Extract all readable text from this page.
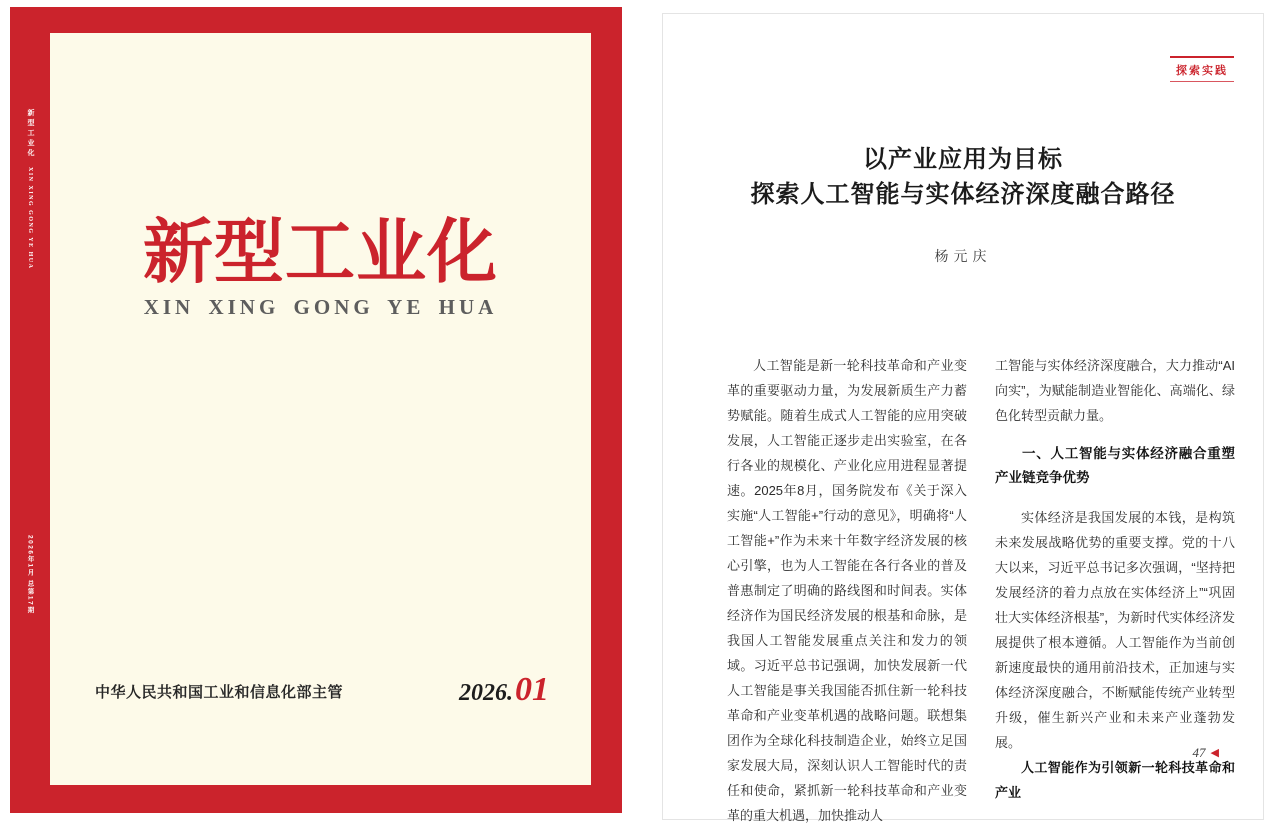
新型工业化
XIN XING GONG YE HUA
2026年1月 总第17期
新型工业化
XIN XING GONG YE HUA
中华人民共和国工业和信息化部主管	2026.01
探索实践
以产业应用为目标
探索人工智能与实体经济深度融合路径
杨元庆

人工智能是新一轮科技革命和产业变革的重要驱动力量，为发展新质生产力蓄势赋能。随着生成式人工智能的应用突破发展，人工智能正逐步走出实验室，在各行各业的规模化、产业化应用进程显著提速。2025年8月，国务院发布《关于深入实施“人工智能+”行动的意见》，明确将“人工智能+”作为未来十年数字经济发展的核心引擎，也为人工智能在各行各业的普及普惠制定了明确的路线图和时间表。实体经济作为国民经济发展的根基和命脉，是我国人工智能发展重点关注和发力的领域。习近平总书记强调，加快发展新一代人工智能是事关我国能否抓住新一轮科技革命和产业变革机遇的战略问题。联想集团作为全球化科技制造企业，始终立足国家发展大局，深刻认识人工智能时代的责任和使命，紧抓新一轮科技革命和产业变革的重大机遇，加快推动人

工智能与实体经济深度融合，大力推动“AI向实”，为赋能制造业智能化、高端化、绿色化转型贡献力量。

一、人工智能与实体经济融合重塑产业链竞争优势

实体经济是我国发展的本钱，是构筑未来发展战略优势的重要支撑。党的十八大以来，习近平总书记多次强调，“坚持把发展经济的着力点放在实体经济上”“巩固壮大实体经济根基”，为新时代实体经济发展提供了根本遵循。人工智能作为当前创新速度最快的通用前沿技术，正加速与实体经济深度融合，不断赋能传统产业转型升级，催生新兴产业和未来产业蓬勃发展。

人工智能作为引领新一轮科技革命和产业

47 ◀
